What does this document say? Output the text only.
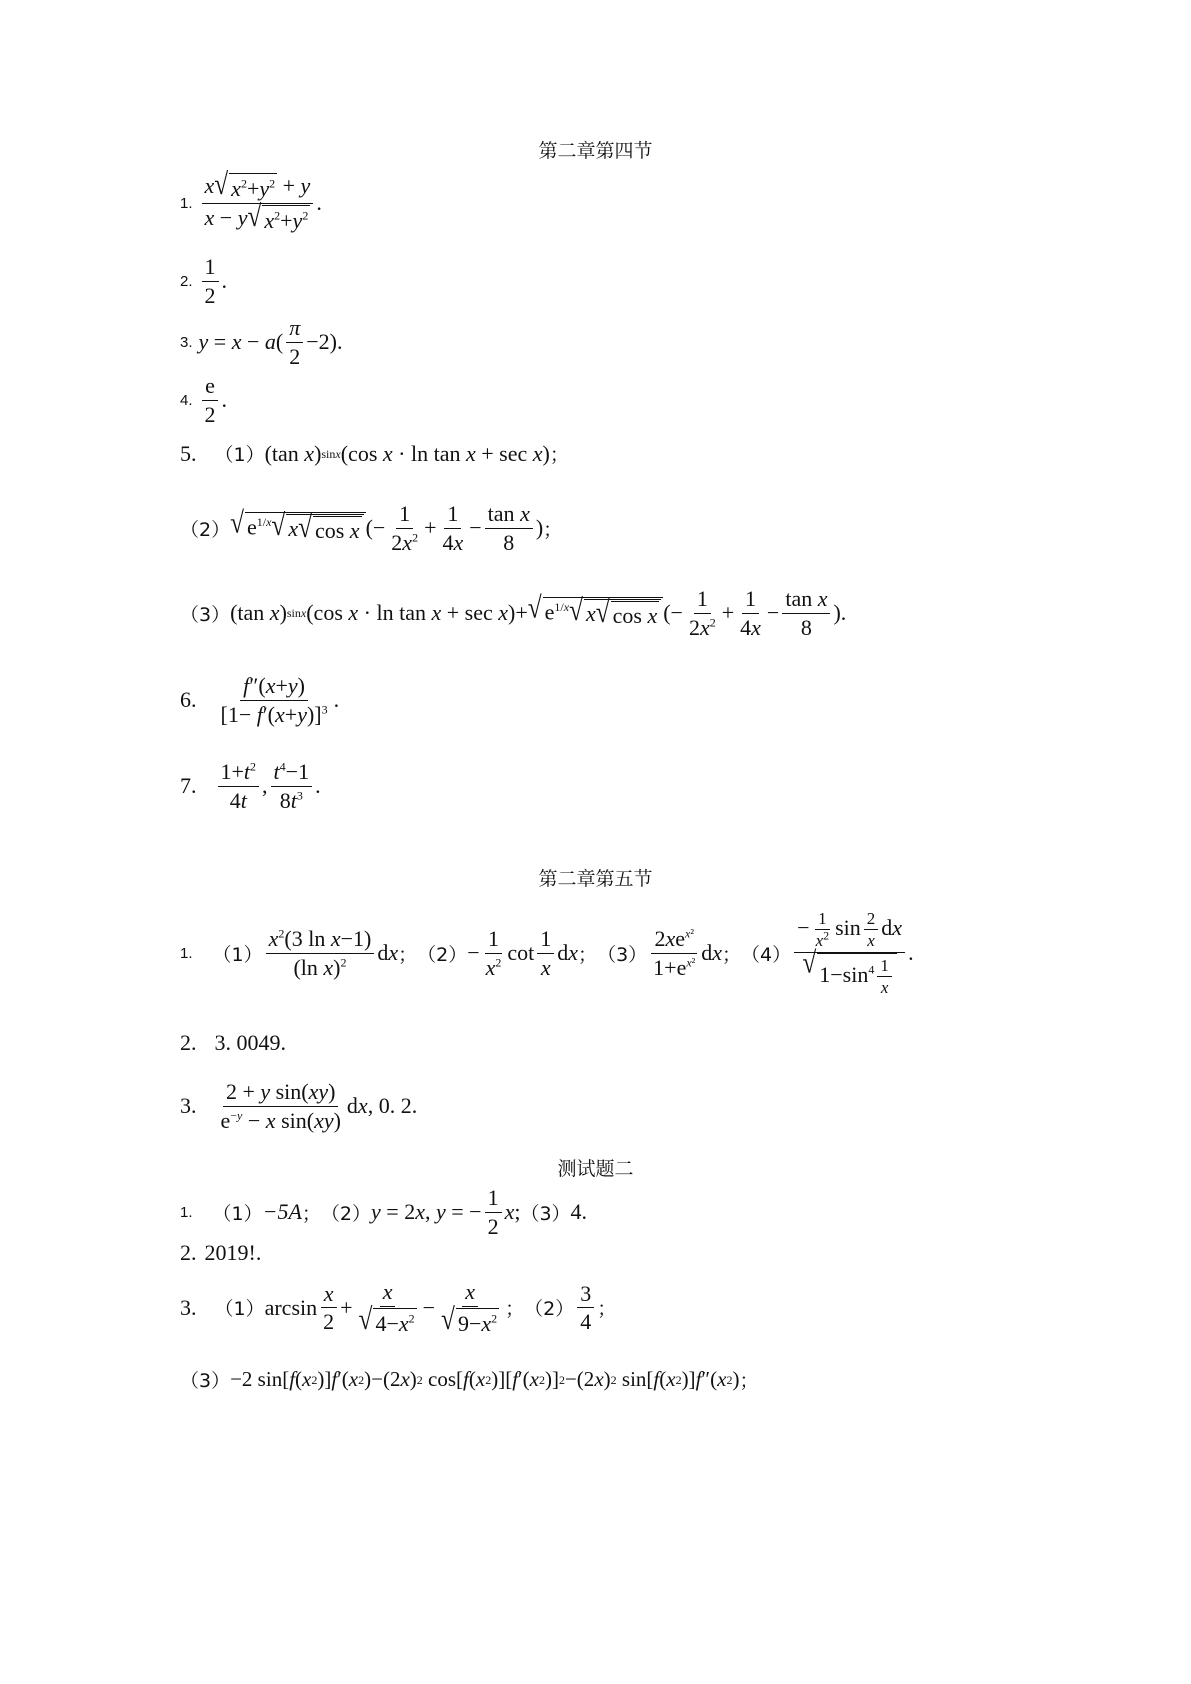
第二章第四节
1. $\frac{x √ x^2+y^2 + y}{x - y √ x^2+y^2}$ .
2. $\frac{1}{2}$ .
3. y = x − a ( $\frac{\pi}{2} -2$).
4. $\frac{e}{2}$ .
5. （1） (tan x ) sinx (cos x · ln tan x + sec x ) ；
（2） √ $e^{1/x}$ √ x √ cos x (− $\frac{1}{2x^2} + \frac{1}{4x} - \frac{\text{tan x}}{8}$ ) ；
（3） (tan x ) sinx (cos x · ln tan x + sec x )+ √ $e^{1/x}$ √ x √ cos x (− $\frac{1}{2x^2} + \frac{1}{4x} - \frac{\text{tan x}}{8}$ ).
6. $\frac{f''(x+y)}{[1- f'(x+y)]^3}$ .
7. $\frac{1+t^2}{4t}$ , $\frac{t^4-1}{8t^3}$ .
第二章第五节
1. $(1) \frac{x^2(3 \ln x-1)}{(\ln x)^2}$ d x ； $(2) - \frac{1}{x^2}$ $\cot \frac{1}{x}$ d x ； $(3) \frac{2xe^{x^2}}{1+e^{x^2}}$ d x ； $(4) \frac{- \frac{1}{x^2} \sin \frac{2}{x} dx}{√ 1-\sin^4 \frac{1}{x}}$ .
2. 3. 0049.
3. $\frac{\text{2 + y sin(xy)}}{e^{-y} - x \sin(xy)}$ d x , 0. 2.
测试题二
1. （1） −5A ； （2） y = 2 x , y = − $\frac{1}{2}$ x ; （3） 4.
2. 2019!.
3. （1） $\arcsin \frac{x}{2} + \frac{x}{√ 4-x^2} - \frac{x}{√ 9-x^2}$ ； $(2) \frac{3}{4}$ ；
（3） −2 sin[ f ( x 2 )] f ′( x 2 )−(2 x ) 2 cos[ f ( x 2 )][ f ′( x 2 )] 2 −(2 x ) 2 sin[ f ( x 2 )] f ″( x 2 ) ；
